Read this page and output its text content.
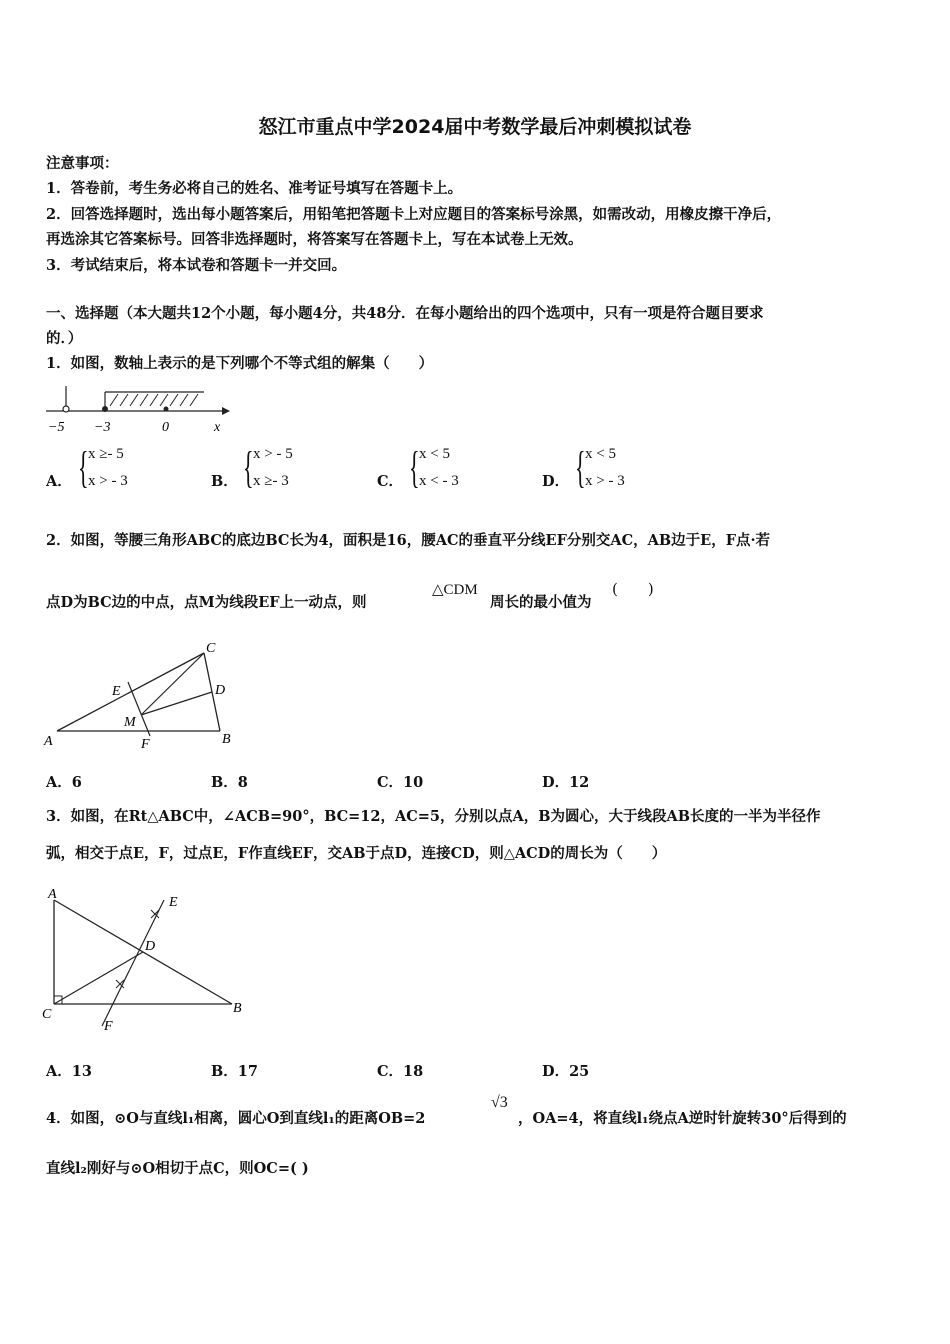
怒江市重点中学2024届中考数学最后冲刺模拟试卷
注意事项：
1．答卷前，考生务必将自己的姓名、准考证号填写在答题卡上。
2．回答选择题时，选出每小题答案后，用铅笔把答题卡上对应题目的答案标号涂黑，如需改动，用橡皮擦干净后，
再选涂其它答案标号。回答非选择题时，将答案写在答题卡上，写在本试卷上无效。
3．考试结束后，将本试卷和答题卡一并交回。
一、选择题（本大题共12个小题，每小题4分，共48分．在每小题给出的四个选项中，只有一项是符合题目要求
的．）
1．如图，数轴上表示的是下列哪个不等式组的解集（　　）
−5 −3	0	x
A． { x ≥- 5
x > - 3	B． { x > - 5
x ≥- 3	C． { x < 5
x < - 3	D． { x < 5
x > - 3
2．如图，等腰三角形ABC的底边BC长为4，面积是16，腰AC的垂直平分线EF分别交AC，AB边于E，F点·若
点D为BC边的中点，点M为线段EF上一动点，则
△CDM
周长的最小值为
(　　)
C
E	D
M
A	F	B
A．6	B．8	C．10	D．12
3．如图，在Rt△ABC中，∠ACB=90°，BC=12，AC=5，分别以点A，B为圆心，大于线段AB长度的一半为半径作
弧，相交于点E，F，过点E，F作直线EF，交AB于点D，连接CD，则△ACD的周长为（　　）
A
E
D
C	B
F
A．13	B．17	C．18	D．25
4．如图，⊙O与直线l₁相离，圆心O到直线l₁的距离OB=2
√3
，OA=4，将直线l₁绕点A逆时针旋转30°后得到的
直线l₂刚好与⊙O相切于点C，则OC=( )
